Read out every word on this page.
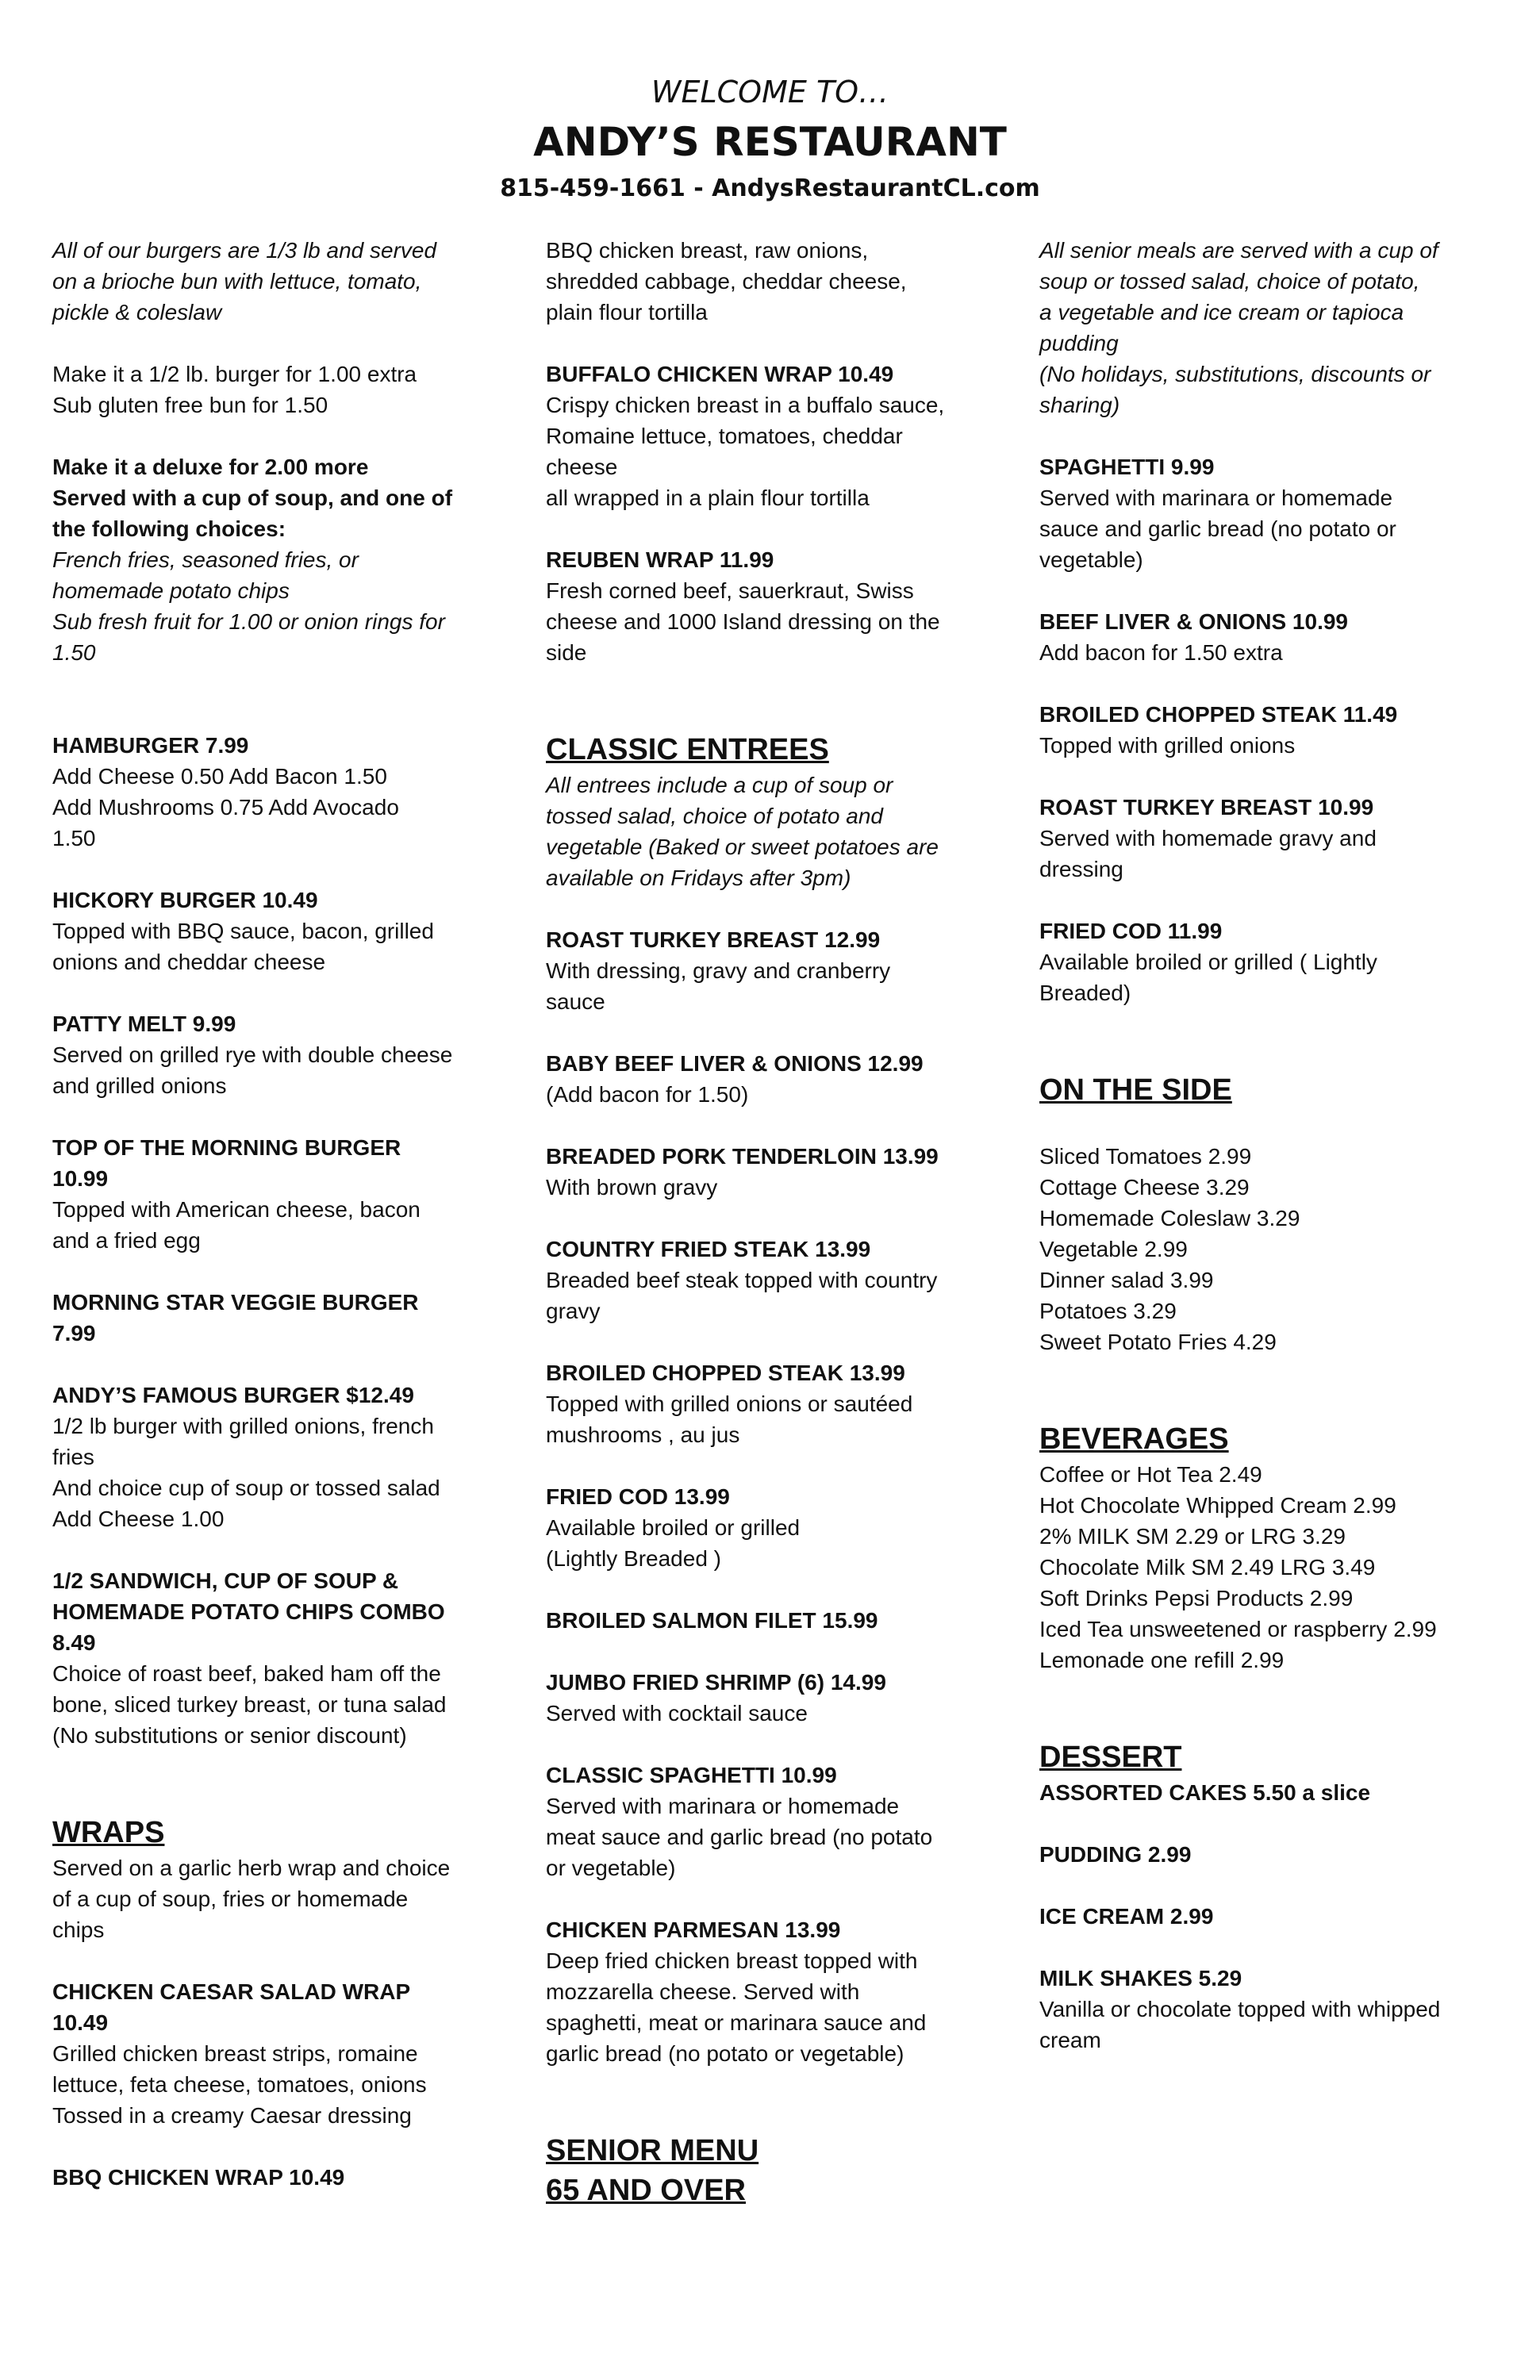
WELCOME TO…
ANDY’S RESTAURANT
815-459-1661 - AndysRestaurantCL.com
All of our burgers are 1/3 lb and served
on a brioche bun with lettuce, tomato,
pickle & coleslaw
Make it a 1/2 lb. burger for 1.00 extra
Sub gluten free bun for 1.50
Make it a deluxe for 2.00 more
Served with a cup of soup, and one of
the following choices:
French fries, seasoned fries, or
homemade potato chips
Sub fresh fruit for 1.00 or onion rings for
1.50
HAMBURGER 7.99
Add Cheese 0.50 Add Bacon 1.50
Add Mushrooms 0.75 Add Avocado
1.50
HICKORY BURGER 10.49
Topped with BBQ sauce, bacon, grilled
onions and cheddar cheese
PATTY MELT 9.99
Served on grilled rye with double cheese
and grilled onions
TOP OF THE MORNING BURGER
10.99
Topped with American cheese, bacon
and a fried egg
MORNING STAR VEGGIE BURGER
7.99
ANDY’S FAMOUS BURGER $12.49
1/2 lb burger with grilled onions, french
fries
And choice cup of soup or tossed salad
Add Cheese 1.00
1/2 SANDWICH, CUP OF SOUP &
HOMEMADE POTATO CHIPS COMBO
8.49
Choice of roast beef, baked ham off the
bone, sliced turkey breast, or tuna salad
(No substitutions or senior discount)
WRAPS
Served on a garlic herb wrap and choice
of a cup of soup, fries or homemade
chips
CHICKEN CAESAR SALAD WRAP
10.49
Grilled chicken breast strips, romaine
lettuce, feta cheese, tomatoes, onions
Tossed in a creamy Caesar dressing
BBQ CHICKEN WRAP 10.49
BBQ chicken breast, raw onions,
shredded cabbage, cheddar cheese,
plain flour tortilla
BUFFALO CHICKEN WRAP 10.49
Crispy chicken breast in a buffalo sauce,
Romaine lettuce, tomatoes, cheddar
cheese
all wrapped in a plain flour tortilla
REUBEN WRAP 11.99
Fresh corned beef, sauerkraut, Swiss
cheese and 1000 Island dressing on the
side
CLASSIC ENTREES
All entrees include a cup of soup or
tossed salad, choice of potato and
vegetable (Baked or sweet potatoes are
available on Fridays after 3pm)
ROAST TURKEY BREAST 12.99
With dressing, gravy and cranberry
sauce
BABY BEEF LIVER & ONIONS 12.99
(Add bacon for 1.50)
BREADED PORK TENDERLOIN 13.99
With brown gravy
COUNTRY FRIED STEAK 13.99
Breaded beef steak topped with country
gravy
BROILED CHOPPED STEAK 13.99
Topped with grilled onions or sautéed
mushrooms , au jus
FRIED COD 13.99
Available broiled or grilled
(Lightly Breaded )
BROILED SALMON FILET 15.99
JUMBO FRIED SHRIMP (6) 14.99
Served with cocktail sauce
CLASSIC SPAGHETTI 10.99
Served with marinara or homemade
meat sauce and garlic bread (no potato
or vegetable)
CHICKEN PARMESAN 13.99
Deep fried chicken breast topped with
mozzarella cheese. Served with
spaghetti, meat or marinara sauce and
garlic bread (no potato or vegetable)
SENIOR MENU
65 AND OVER
All senior meals are served with a cup of
soup or tossed salad, choice of potato,
a vegetable and ice cream or tapioca
pudding
(No holidays, substitutions, discounts or
sharing)
SPAGHETTI 9.99
Served with marinara or homemade
sauce and garlic bread (no potato or
vegetable)
BEEF LIVER & ONIONS 10.99
Add bacon for 1.50 extra
BROILED CHOPPED STEAK 11.49
Topped with grilled onions
ROAST TURKEY BREAST 10.99
Served with homemade gravy and
dressing
FRIED COD 11.99
Available broiled or grilled ( Lightly
Breaded)
ON THE SIDE
Sliced Tomatoes 2.99
Cottage Cheese 3.29
Homemade Coleslaw 3.29
Vegetable 2.99
Dinner salad 3.99
Potatoes 3.29
Sweet Potato Fries 4.29
BEVERAGES
Coffee or Hot Tea 2.49
Hot Chocolate Whipped Cream 2.99
2% MILK SM 2.29 or LRG 3.29
Chocolate Milk SM 2.49 LRG 3.49
Soft Drinks Pepsi Products 2.99
Iced Tea unsweetened or raspberry 2.99
Lemonade one refill 2.99
DESSERT
ASSORTED CAKES 5.50 a slice
PUDDING 2.99
ICE CREAM 2.99
MILK SHAKES 5.29
Vanilla or chocolate topped with whipped
cream
